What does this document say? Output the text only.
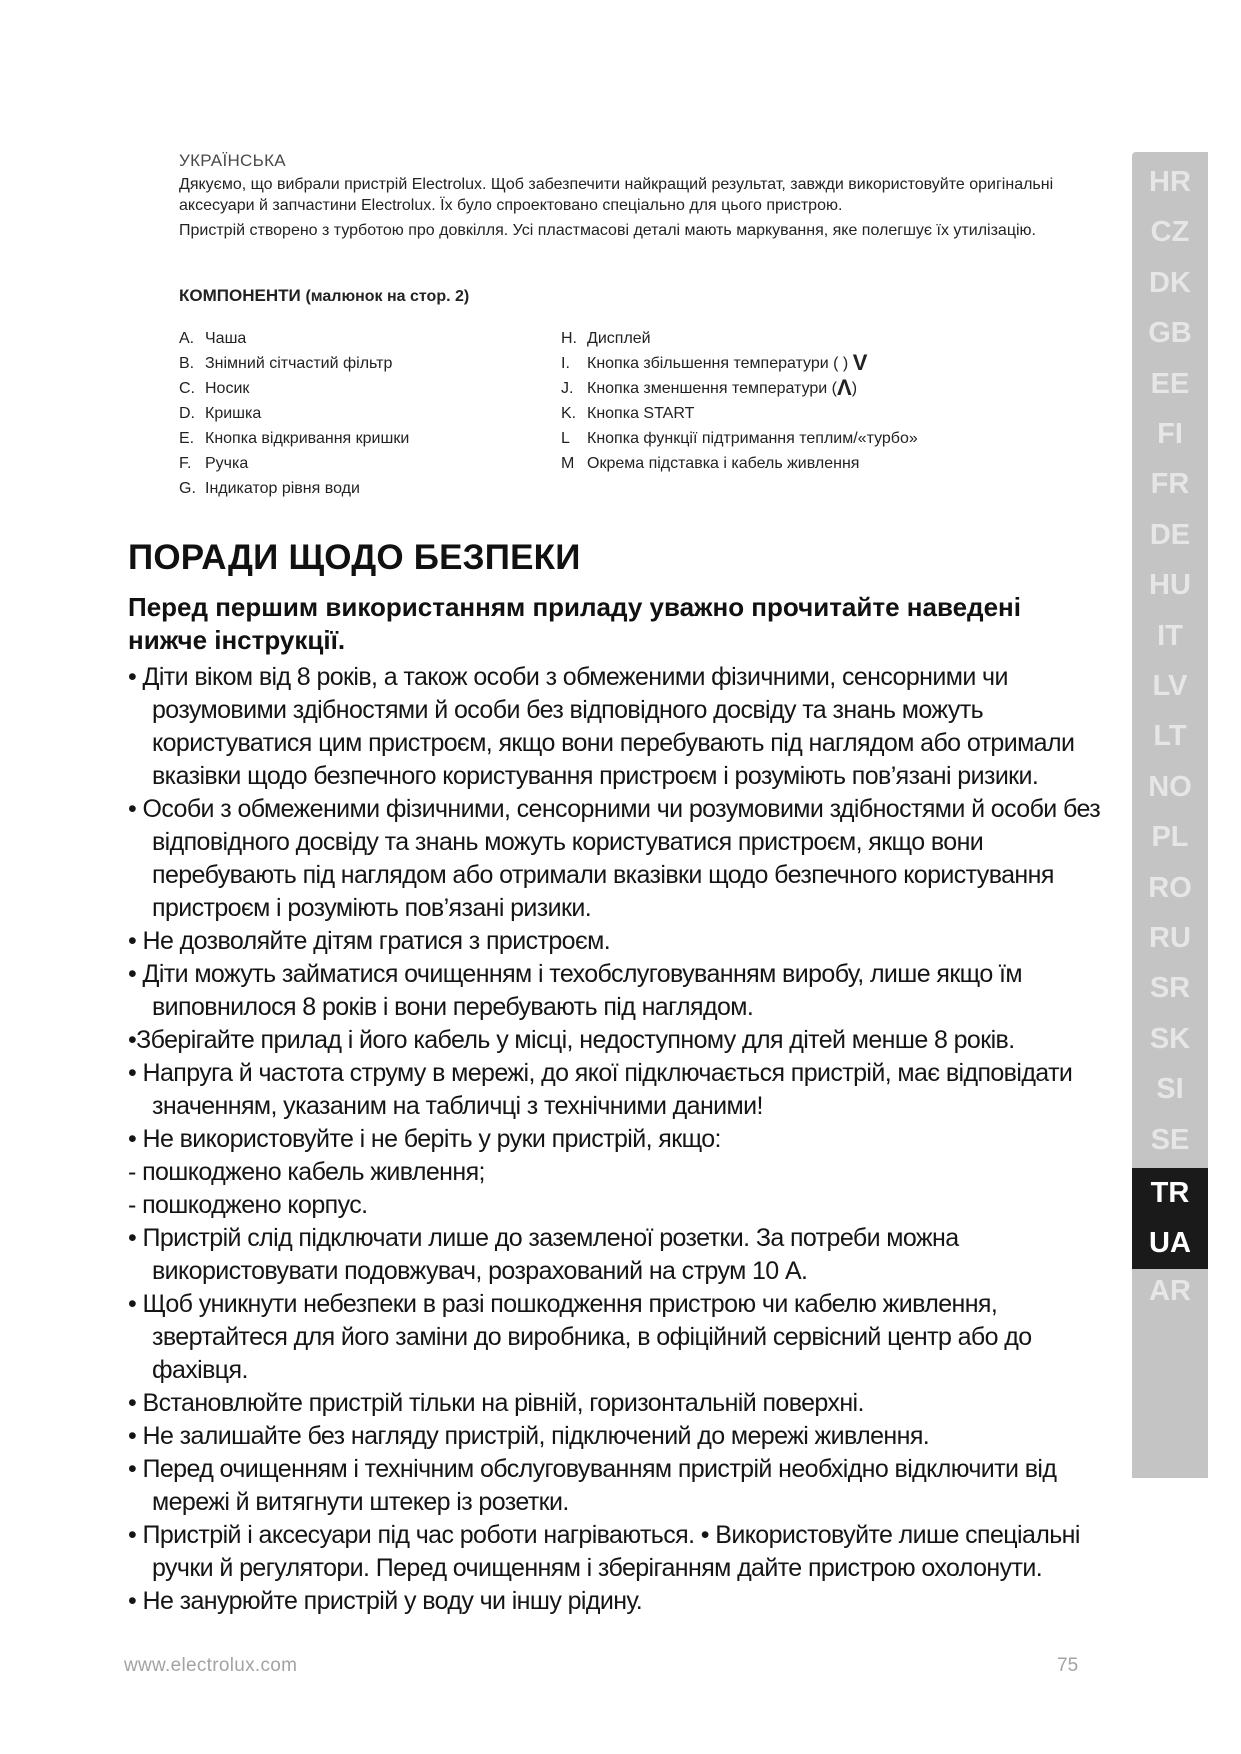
УКРАЇНСЬКА

Дякуємо, що вибрали пристрій Electrolux. Щоб забезпечити найкращий результат, завжди використовуйте оригінальні аксесуари й запчастини Electrolux. Їх було спроектовано спеціально для цього пристрою.

Пристрій створено з турботою про довкілля. Усі пластмасові деталі мають маркування, яке полегшує їх утилізацію.

КОМПОНЕНТИ (малюнок на стор. 2)
A. Чаша
B. Знімний сітчастий фільтр
C. Носик
D. Кришка
E. Кнопка відкривання кришки
F. Ручка
G. Індикатор рівня води
H. Дисплей
I. Кнопка збільшення температури ( ) V
J. Кнопка зменшення температури (Λ)
K. Кнопка START
L Кнопка функції підтримання теплим/«турбо»
M Окрема підставка і кабель живлення
ПОРАДИ ЩОДО БЕЗПЕКИ
Перед першим використанням приладу уважно прочитайте наведені нижче інструкції.
• Діти віком від 8 років, а також особи з обмеженими фізичними, сенсорними чи розумовими здібностями й особи без відповідного досвіду та знань можуть користуватися цим пристроєм, якщо вони перебувають під наглядом або отримали вказівки щодо безпечного користування пристроєм і розуміють пов’язані ризики.
• Особи з обмеженими фізичними, сенсорними чи розумовими здібностями й особи без відповідного досвіду та знань можуть користуватися пристроєм, якщо вони перебувають під наглядом або отримали вказівки щодо безпечного користування пристроєм і розуміють пов’язані ризики.
• Не дозволяйте дітям гратися з пристроєм.
• Діти можуть займатися очищенням і техобслуговуванням виробу, лише якщо їм виповнилося 8 років і вони перебувають під наглядом.
•Зберігайте прилад і його кабель у місці, недоступному для дітей менше 8 років.
• Напруга й частота струму в мережі, до якої підключається пристрій, має відповідати значенням, указаним на табличці з технічними даними!
• Не використовуйте і не беріть у руки пристрій, якщо:
- пошкоджено кабель живлення;
- пошкоджено корпус.
• Пристрій слід підключати лише до заземленої розетки. За потреби можна використовувати подовжувач, розрахований на струм 10 А.
• Щоб уникнути небезпеки в разі пошкодження пристрою чи кабелю живлення, звертайтеся для його заміни до виробника, в офіційний сервісний центр або до фахівця.
• Встановлюйте пристрій тільки на рівній, горизонтальній поверхні.
• Не залишайте без нагляду пристрій, підключений до мережі живлення.
• Перед очищенням і технічним обслуговуванням пристрій необхідно відключити від мережі й витягнути штекер із розетки.
• Пристрій і аксесуари під час роботи нагріваються. • Використовуйте лише спеціальні ручки й регулятори. Перед очищенням і зберіганням дайте пристрою охолонути.
• Не занурюйте пристрій у воду чи іншу рідину.
www.electrolux.com	75
HR
CZ
DK
GB
EE
FI
FR
DE
HU
IT
LV
LT
NO
PL
RO
RU
SR
SK
SI
SE
TR
UA
AR
